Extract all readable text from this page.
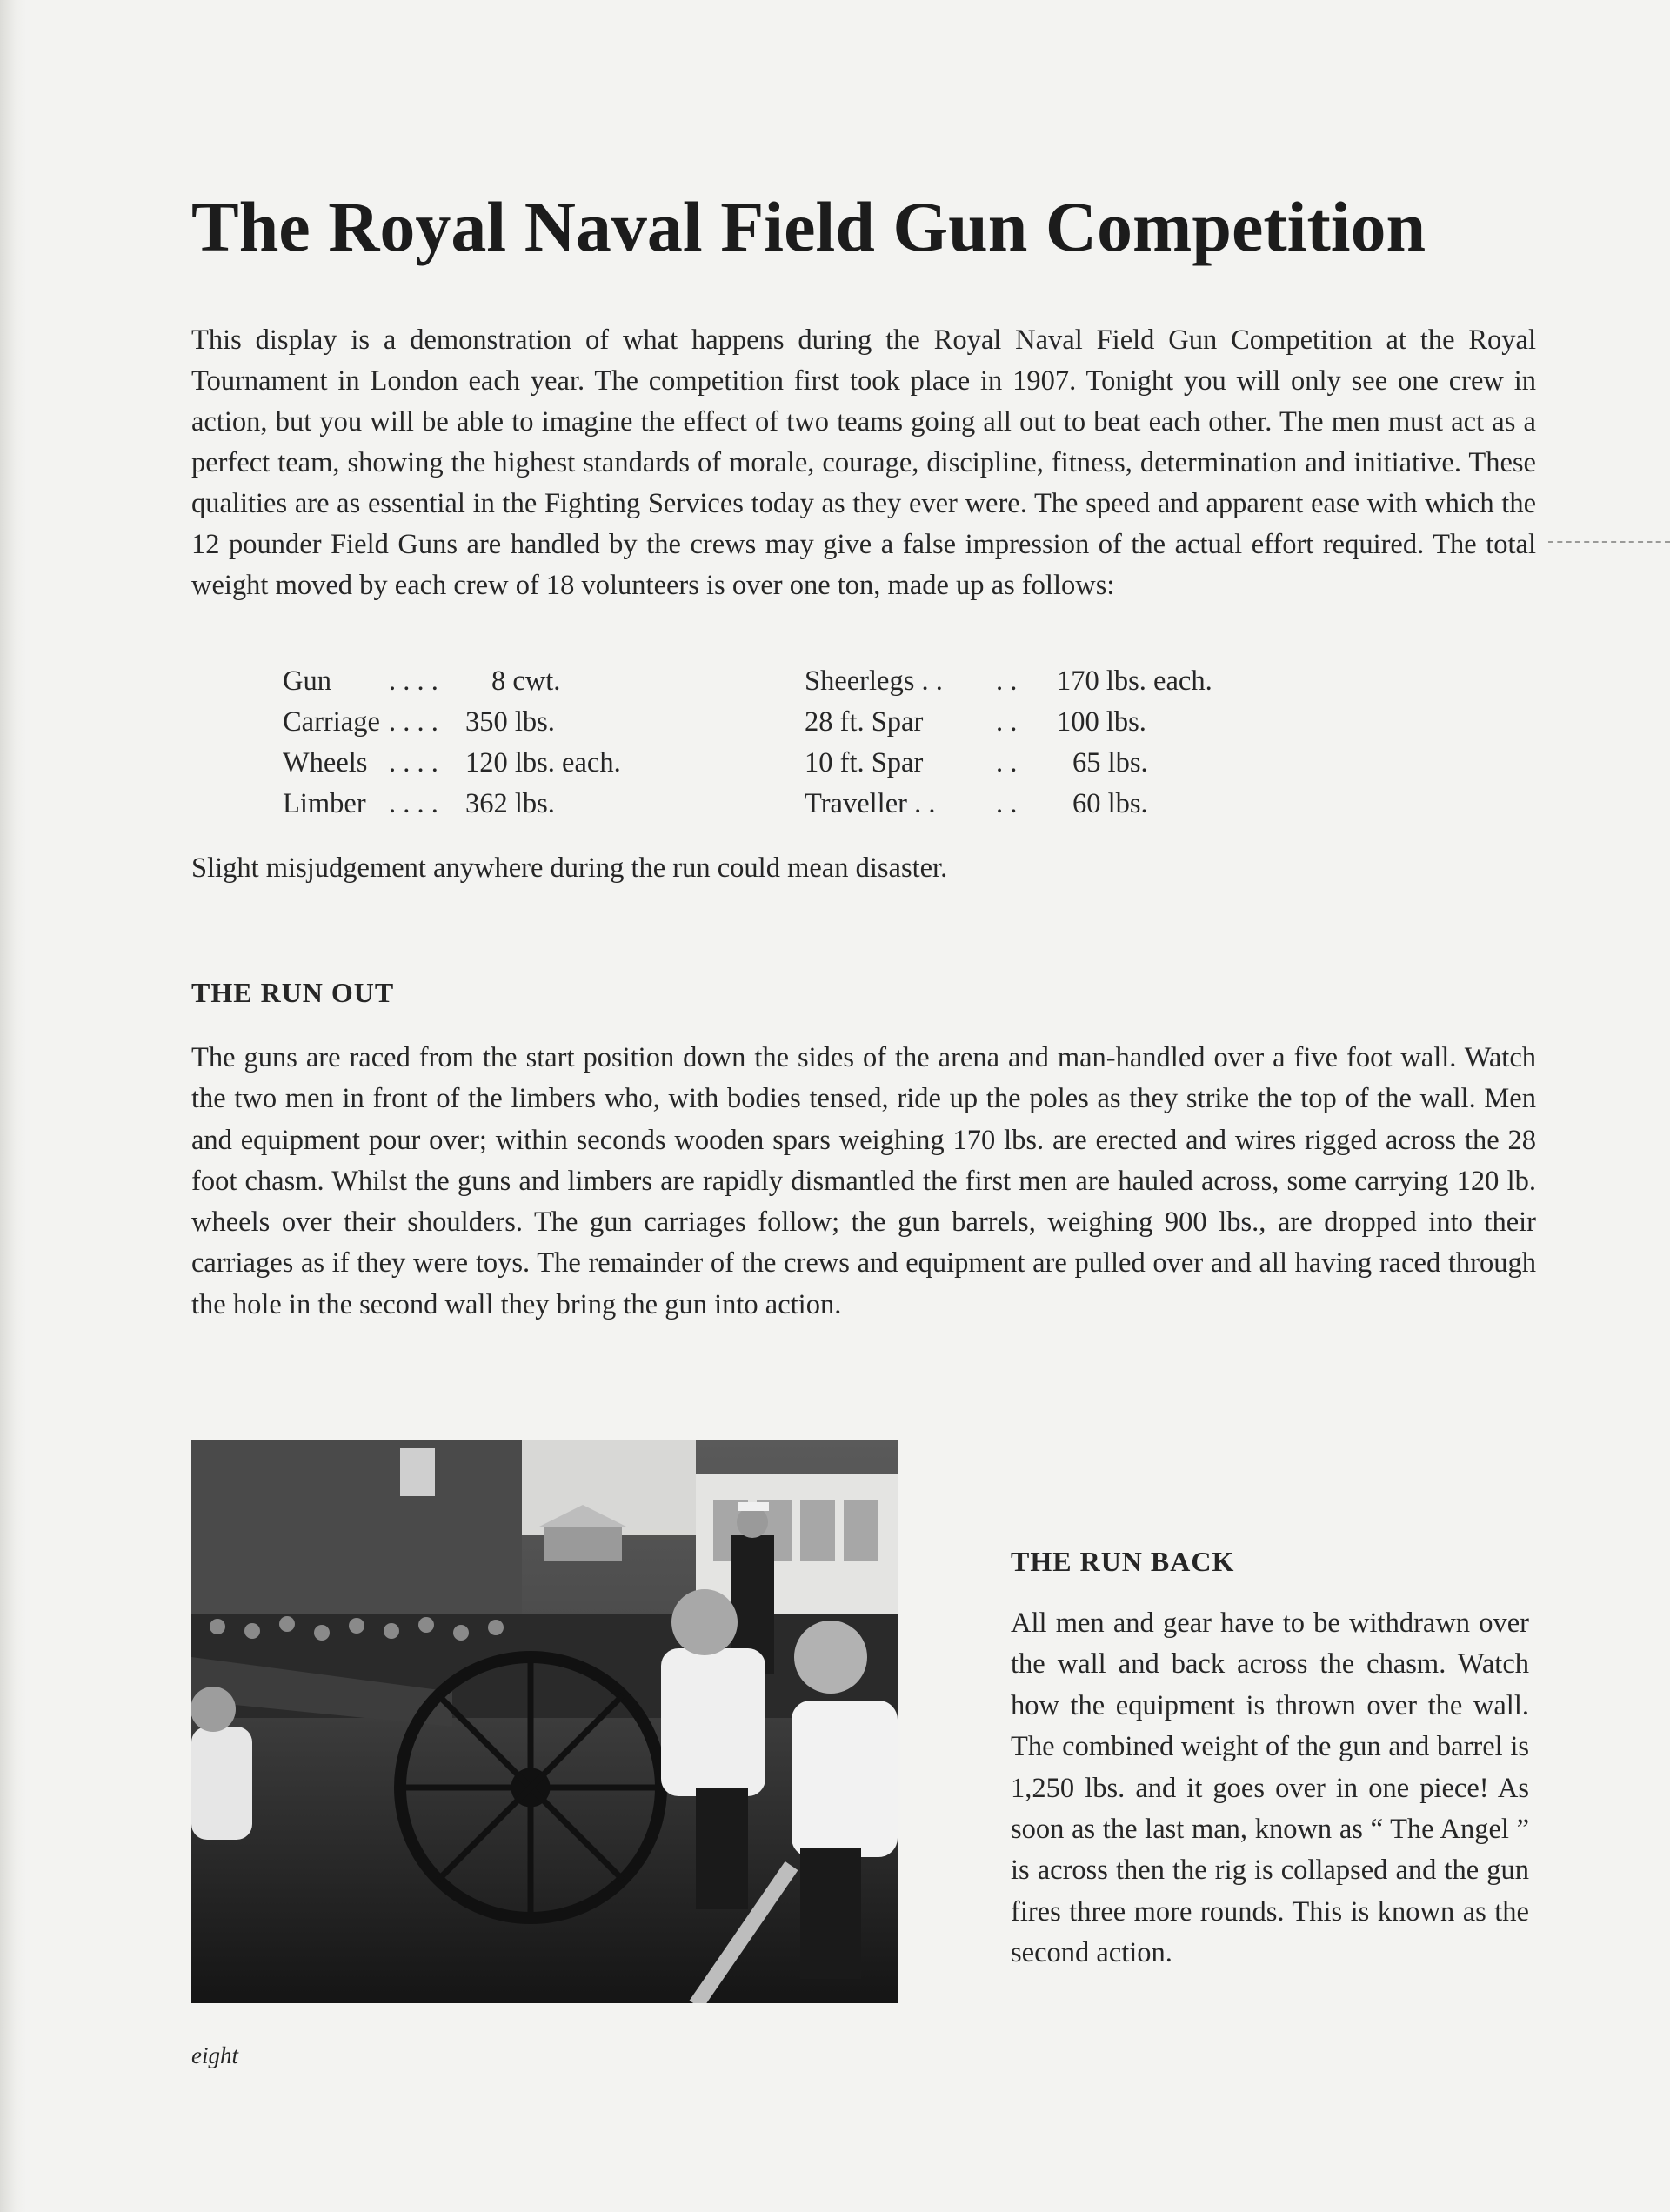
The Royal Naval Field Gun Competition

This display is a demonstration of what happens during the Royal Naval Field Gun Competition at the Royal Tournament in London each year. The competition first took place in 1907. Tonight you will only see one crew in action, but you will be able to imagine the effect of two teams going all out to beat each other. The men must act as a perfect team, showing the highest standards of morale, courage, discipline, fitness, determination and initiative. These qualities are as essential in the Fighting Services today as they ever were. The speed and apparent ease with which the 12 pounder Field Guns are handled by the crews may give a false impression of the actual effort required. The total weight moved by each crew of 18 volunteers is over one ton, made up as follows:

Gun	. . . .	8 cwt.	Sheerlegs . .	. .	170 lbs. each.
Carriage	. . . .	350 lbs.	28 ft. Spar	. .	100 lbs.
Wheels	. . . .	120 lbs. each.	10 ft. Spar	. .	65 lbs.
Limber	. . . .	362 lbs.	Traveller . .	. .	60 lbs.

Slight misjudgement anywhere during the run could mean disaster.

THE RUN OUT

The guns are raced from the start position down the sides of the arena and man-handled over a five foot wall. Watch the two men in front of the limbers who, with bodies tensed, ride up the poles as they strike the top of the wall. Men and equipment pour over; within seconds wooden spars weighing 170 lbs. are erected and wires rigged across the 28 foot chasm. Whilst the guns and limbers are rapidly dismantled the first men are hauled across, some carrying 120 lb. wheels over their shoulders. The gun carriages follow; the gun barrels, weighing 900 lbs., are dropped into their carriages as if they were toys. The remainder of the crews and equipment are pulled over and all having raced through the hole in the second wall they bring the gun into action.

THE RUN BACK

All men and gear have to be withdrawn over the wall and back across the chasm. Watch how the equipment is thrown over the wall. The combined weight of the gun and barrel is 1,250 lbs. and it goes over in one piece! As soon as the last man, known as “ The Angel ” is across then the rig is collapsed and the gun fires three more rounds. This is known as the second action.

eight
